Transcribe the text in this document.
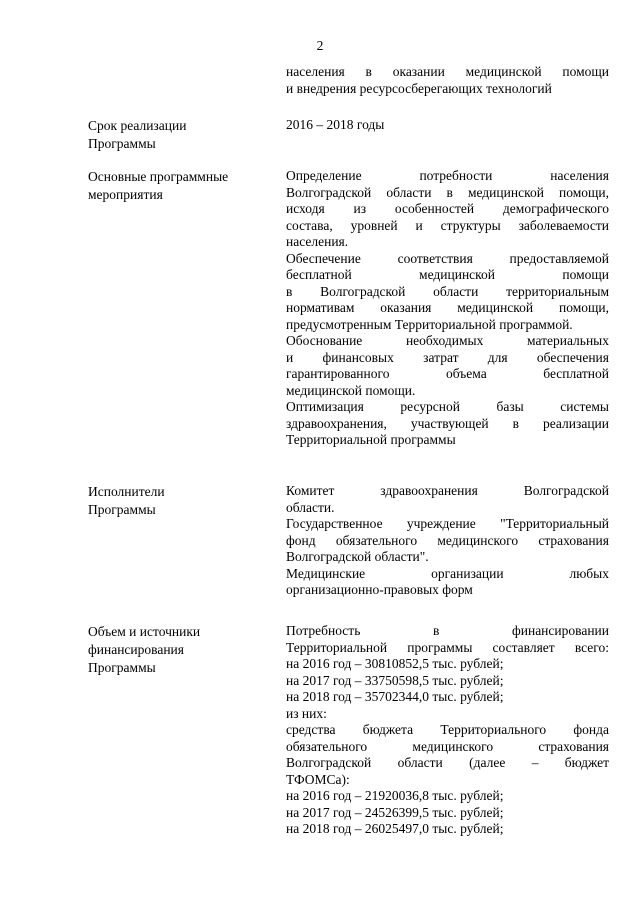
2

населения в оказании медицинской помощи

и внедрения ресурсосберегающих технологий

Срок реализации
Программы

2016 – 2018 годы

Основные программные
мероприятия

Определение потребности населения

Волгоградской области в медицинской помощи,

исходя из особенностей демографического

состава, уровней и структуры заболеваемости

населения.

Обеспечение соответствия предоставляемой

бесплатной медицинской помощи

в Волгоградской области территориальным

нормативам оказания медицинской помощи,

предусмотренным Территориальной программой.

Обоснование необходимых материальных

и финансовых затрат для обеспечения

гарантированного объема бесплатной

медицинской помощи.

Оптимизация ресурсной базы системы

здравоохранения, участвующей в реализации

Территориальной программы

Исполнители
Программы

Комитет здравоохранения Волгоградской

области.

Государственное учреждение "Территориальный

фонд обязательного медицинского страхования

Волгоградской области".

Медицинские организации любых

организационно-правовых форм

Объем и источники
финансирования
Программы

Потребность в финансировании

Территориальной программы составляет всего:

на 2016 год – 30810852,5 тыс. рублей;

на 2017 год – 33750598,5 тыс. рублей;

на 2018 год – 35702344,0 тыс. рублей;

из них:

средства бюджета Территориального фонда

обязательного медицинского страхования

Волгоградской области (далее – бюджет

ТФОМСа):

на 2016 год – 21920036,8 тыс. рублей;

на 2017 год – 24526399,5 тыс. рублей;

на 2018 год – 26025497,0 тыс. рублей;
